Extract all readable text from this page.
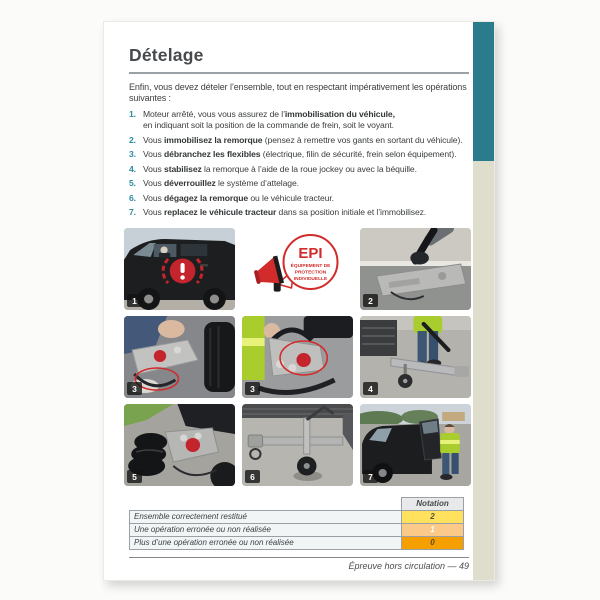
Dételage
Enfin, vous devez dételer l’ensemble, tout en respectant impérativement les opérations
suivantes :
1. Moteur arrêté, vous vous assurez de l’immobilisation du véhicule,
en indiquant soit la position de la commande de frein, soit le voyant.
2. Vous immobilisez la remorque (pensez à remettre vos gants en sortant du véhicule).
3. Vous débranchez les flexibles (électrique, filin de sécurité, frein selon équipement).
4. Vous stabilisez la remorque à l’aide de la roue jockey ou avec la béquille.
5. Vous déverrouillez le système d’attelage.
6. Vous dégagez la remorque ou le véhicule tracteur.
7. Vous replacez le véhicule tracteur dans sa position initiale et l’immobilisez.
1
EPI
ÉQUIPEMENT DE
PROTECTION
INDIVIDUELLE
2
3	3	4
5	6	7
	Notation
Ensemble correctement restitué	2
Une opération erronée ou non réalisée	1
Plus d’une opération erronée ou non réalisée	0
Épreuve hors circulation — 49
